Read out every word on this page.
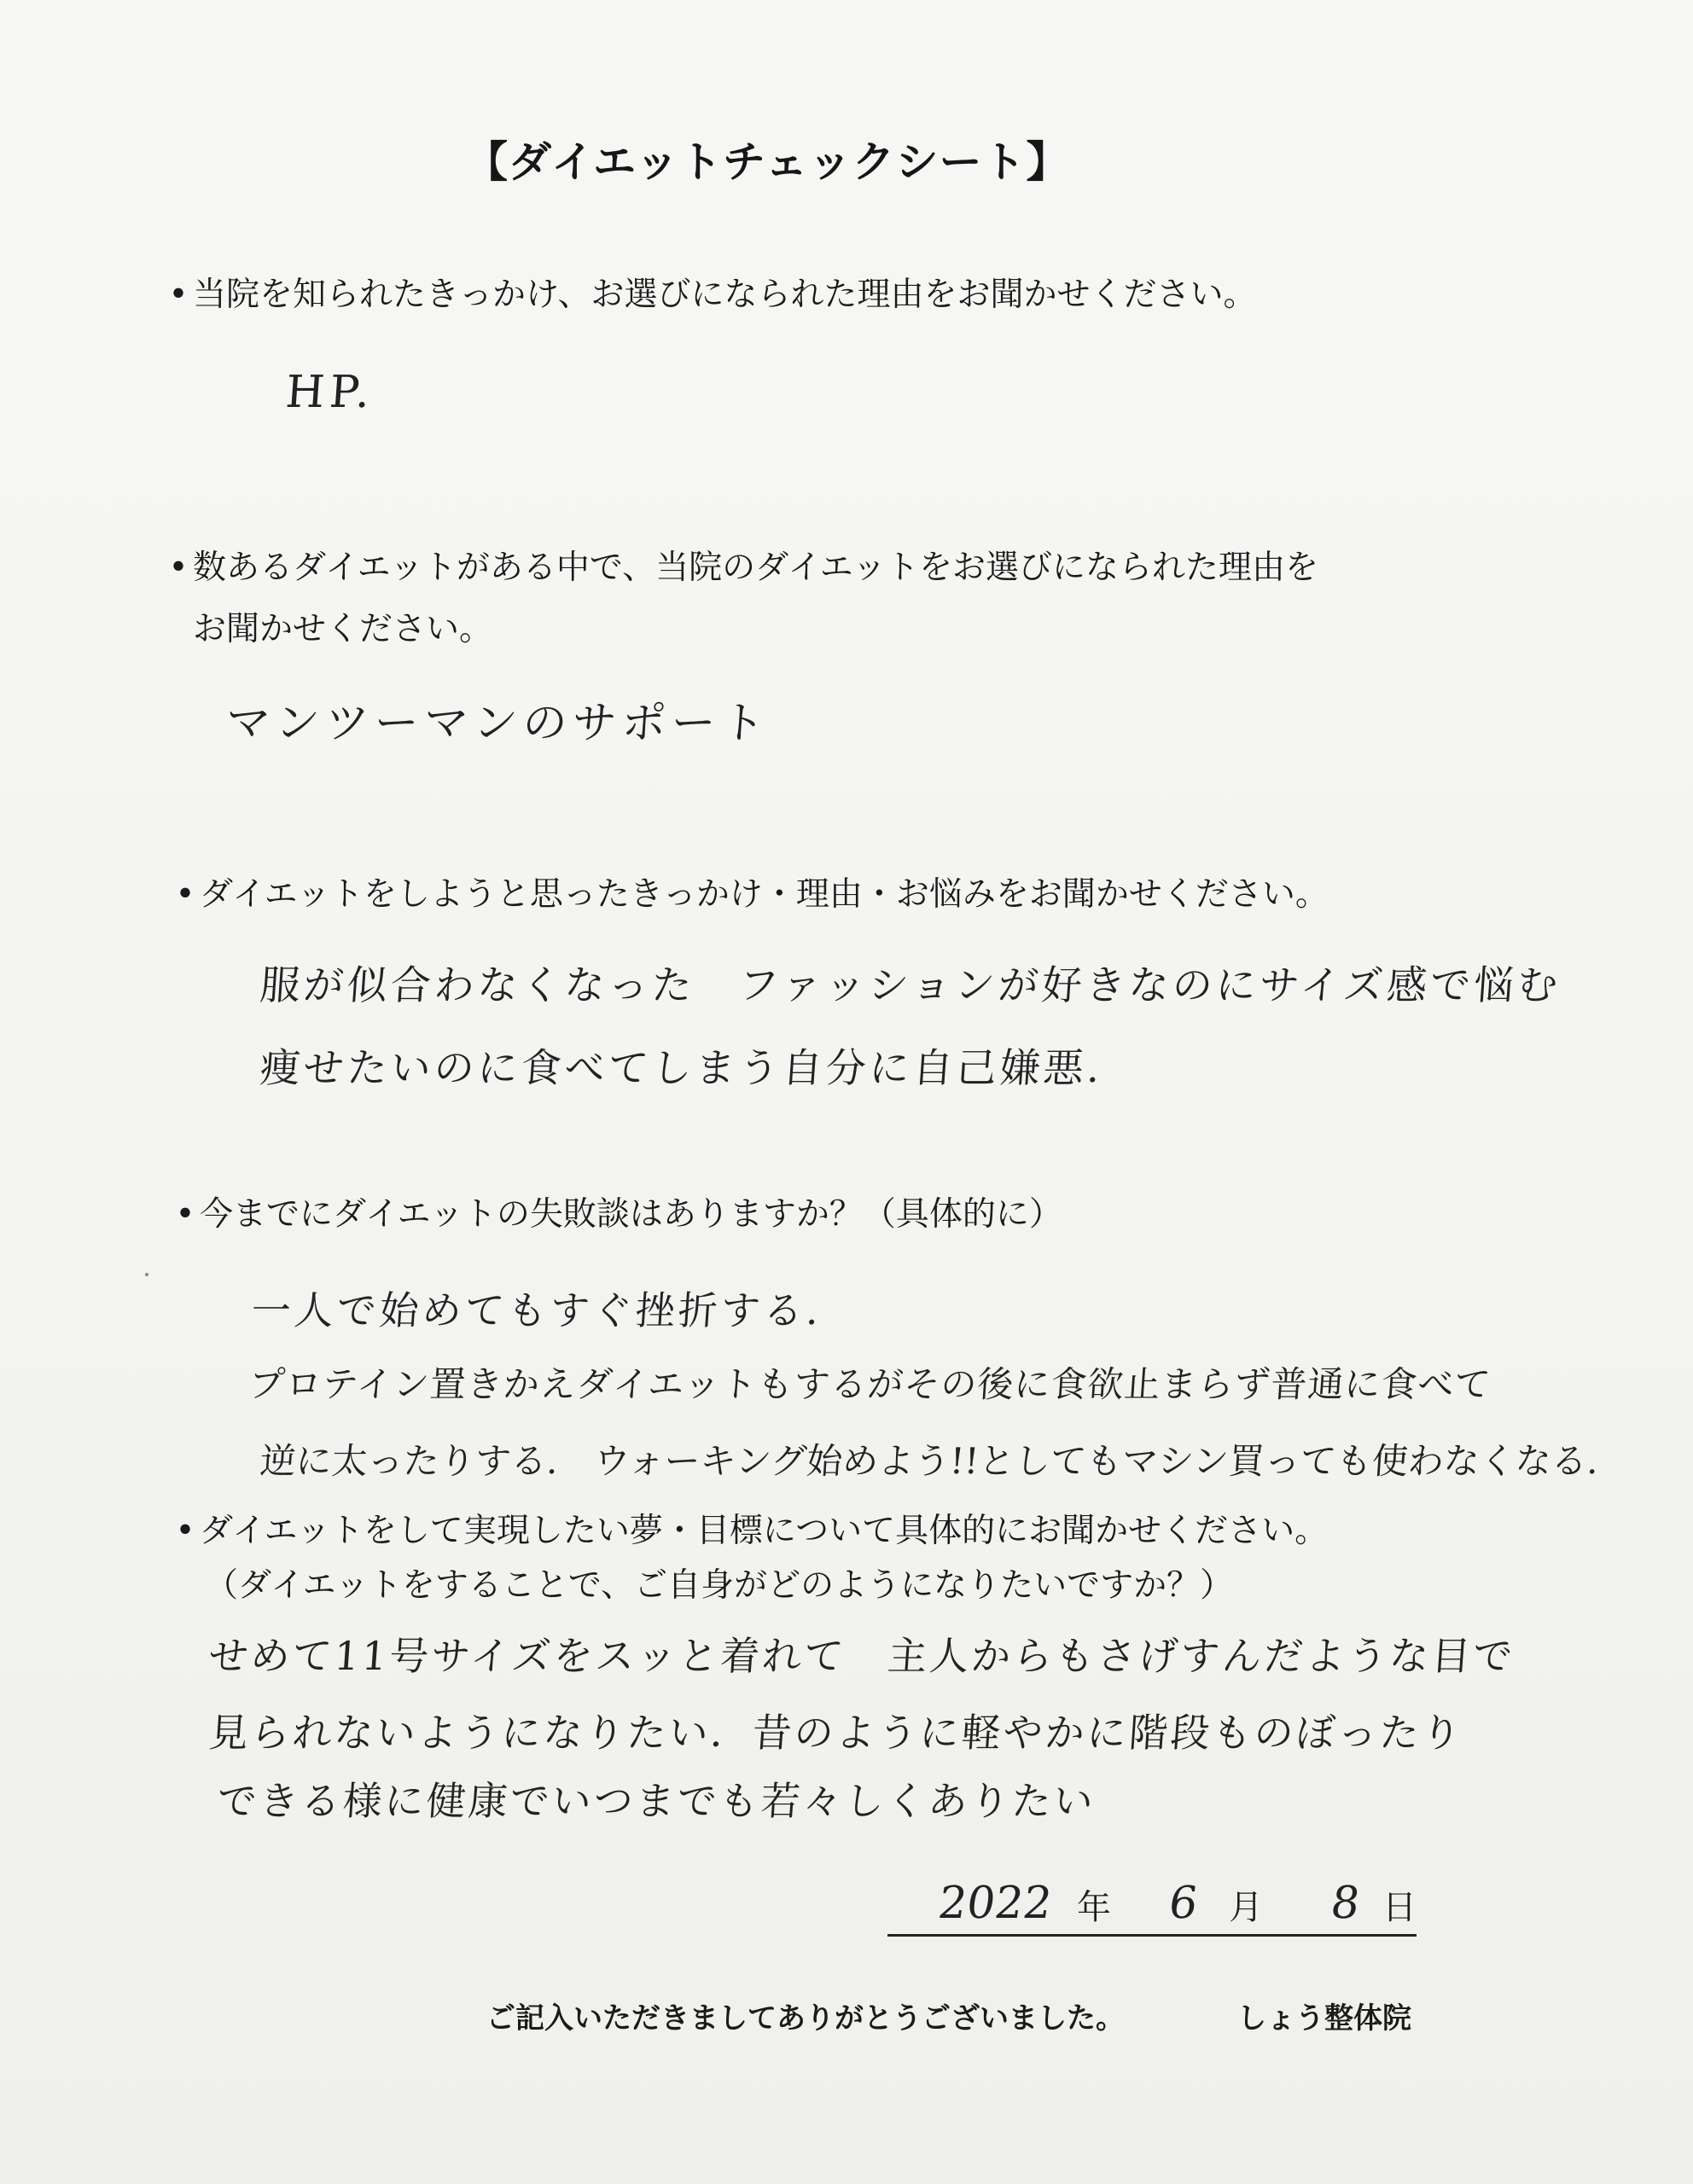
【ダイエットチェックシート】
• 当院を知られたきっかけ、お選びになられた理由をお聞かせください。
HP.
• 数あるダイエットがある中で、当院のダイエットをお選びになられた理由を
お聞かせください。
マンツーマンのサポート
• ダイエットをしようと思ったきっかけ・理由・お悩みをお聞かせください。
服が似合わなくなった　ファッションが好きなのにサイズ感で悩む
痩せたいのに食べてしまう自分に自己嫌悪.
• 今までにダイエットの失敗談はありますか？（具体的に）
一人で始めてもすぐ挫折する.
プロテイン置きかえダイエットもするがその後に食欲止まらず普通に食べて
逆に太ったりする.　ウォーキング始めよう!!としてもマシン買っても使わなくなる.
• ダイエットをして実現したい夢・目標について具体的にお聞かせください。
（ダイエットをすることで、ご自身がどのようになりたいですか？）
せめて11号サイズをスッと着れて　主人からもさげすんだような目で
見られないようになりたい．昔のように軽やかに階段ものぼったり
できる様に健康でいつまでも若々しくありたい
2022 年 6 月 8 日
ご記入いただきましてありがとうございました。	しょう整体院
